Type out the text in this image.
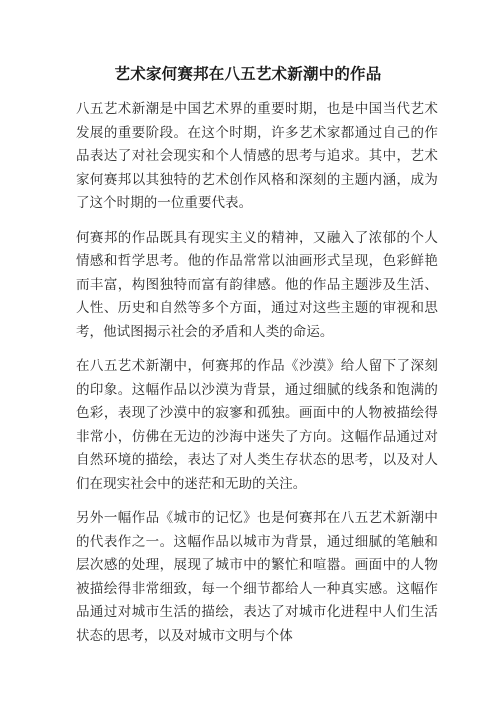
艺术家何赛邦在八五艺术新潮中的作品

八五艺术新潮是中国艺术界的重要时期，也是中国当代艺术发展的重要阶段。在这个时期，许多艺术家都通过自己的作品表达了对社会现实和个人情感的思考与追求。其中，艺术家何赛邦以其独特的艺术创作风格和深刻的主题内涵，成为了这个时期的一位重要代表。

何赛邦的作品既具有现实主义的精神，又融入了浓郁的个人情感和哲学思考。他的作品常常以油画形式呈现，色彩鲜艳而丰富，构图独特而富有韵律感。他的作品主题涉及生活、人性、历史和自然等多个方面，通过对这些主题的审视和思考，他试图揭示社会的矛盾和人类的命运。

在八五艺术新潮中，何赛邦的作品《沙漠》给人留下了深刻的印象。这幅作品以沙漠为背景，通过细腻的线条和饱满的色彩，表现了沙漠中的寂寥和孤独。画面中的人物被描绘得非常小，仿佛在无边的沙海中迷失了方向。这幅作品通过对自然环境的描绘，表达了对人类生存状态的思考，以及对人们在现实社会中的迷茫和无助的关注。

另外一幅作品《城市的记忆》也是何赛邦在八五艺术新潮中的代表作之一。这幅作品以城市为背景，通过细腻的笔触和层次感的处理，展现了城市中的繁忙和喧嚣。画面中的人物被描绘得非常细致，每一个细节都给人一种真实感。这幅作品通过对城市生活的描绘，表达了对城市化进程中人们生活状态的思考，以及对城市文明与个体
